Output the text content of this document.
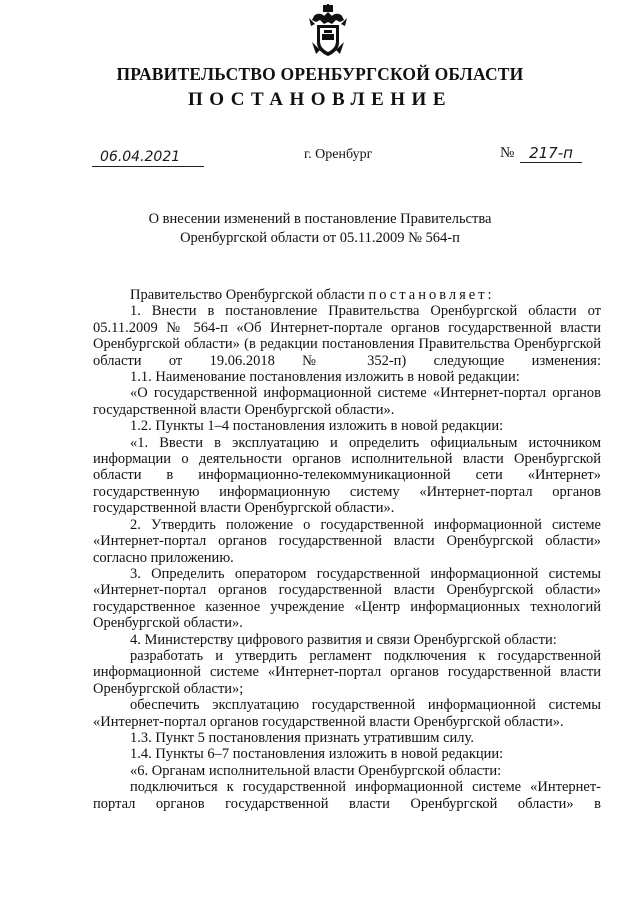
ПРАВИТЕЛЬСТВО ОРЕНБУРГСКОЙ ОБЛАСТИ
ПОСТАНОВЛЕНИЕ
06.04.2021	г. Оренбург	№ 217-п
О внесении изменений в постановление Правительства
Оренбургской области от 05.11.2009 № 564-п

Правительство Оренбургской области постановляет:

1. Внести в постановление Правительства Оренбургской области от 05.11.2009 № 564-п «Об Интернет-портале органов государственной власти Оренбургской области» (в редакции постановления Правительства Оренбургской области от 19.06.2018 № 352-п) следующие изменения:

1.1. Наименование постановления изложить в новой редакции:

«О государственной информационной системе «Интернет-портал органов государственной власти Оренбургской области».

1.2. Пункты 1–4 постановления изложить в новой редакции:

«1. Ввести в эксплуатацию и определить официальным источником информации о деятельности органов исполнительной власти Оренбургской области в информационно-телекоммуникационной сети «Интернет» государственную информационную систему «Интернет-портал органов государственной власти Оренбургской области».

2. Утвердить положение о государственной информационной системе «Интернет-портал органов государственной власти Оренбургской области» согласно приложению.

3. Определить оператором государственной информационной системы «Интернет-портал органов государственной власти Оренбургской области» государственное казенное учреждение «Центр информационных технологий Оренбургской области».

4. Министерству цифрового развития и связи Оренбургской области:

разработать и утвердить регламент подключения к государственной информационной системе «Интернет-портал органов государственной власти Оренбургской области»;

обеспечить эксплуатацию государственной информационной системы «Интернет-портал органов государственной власти Оренбургской области».

1.3. Пункт 5 постановления признать утратившим силу.

1.4. Пункты 6–7 постановления изложить в новой редакции:

«6. Органам исполнительной власти Оренбургской области:

подключиться к государственной информационной системе «Интернет-портал органов государственной власти Оренбургской области» в
